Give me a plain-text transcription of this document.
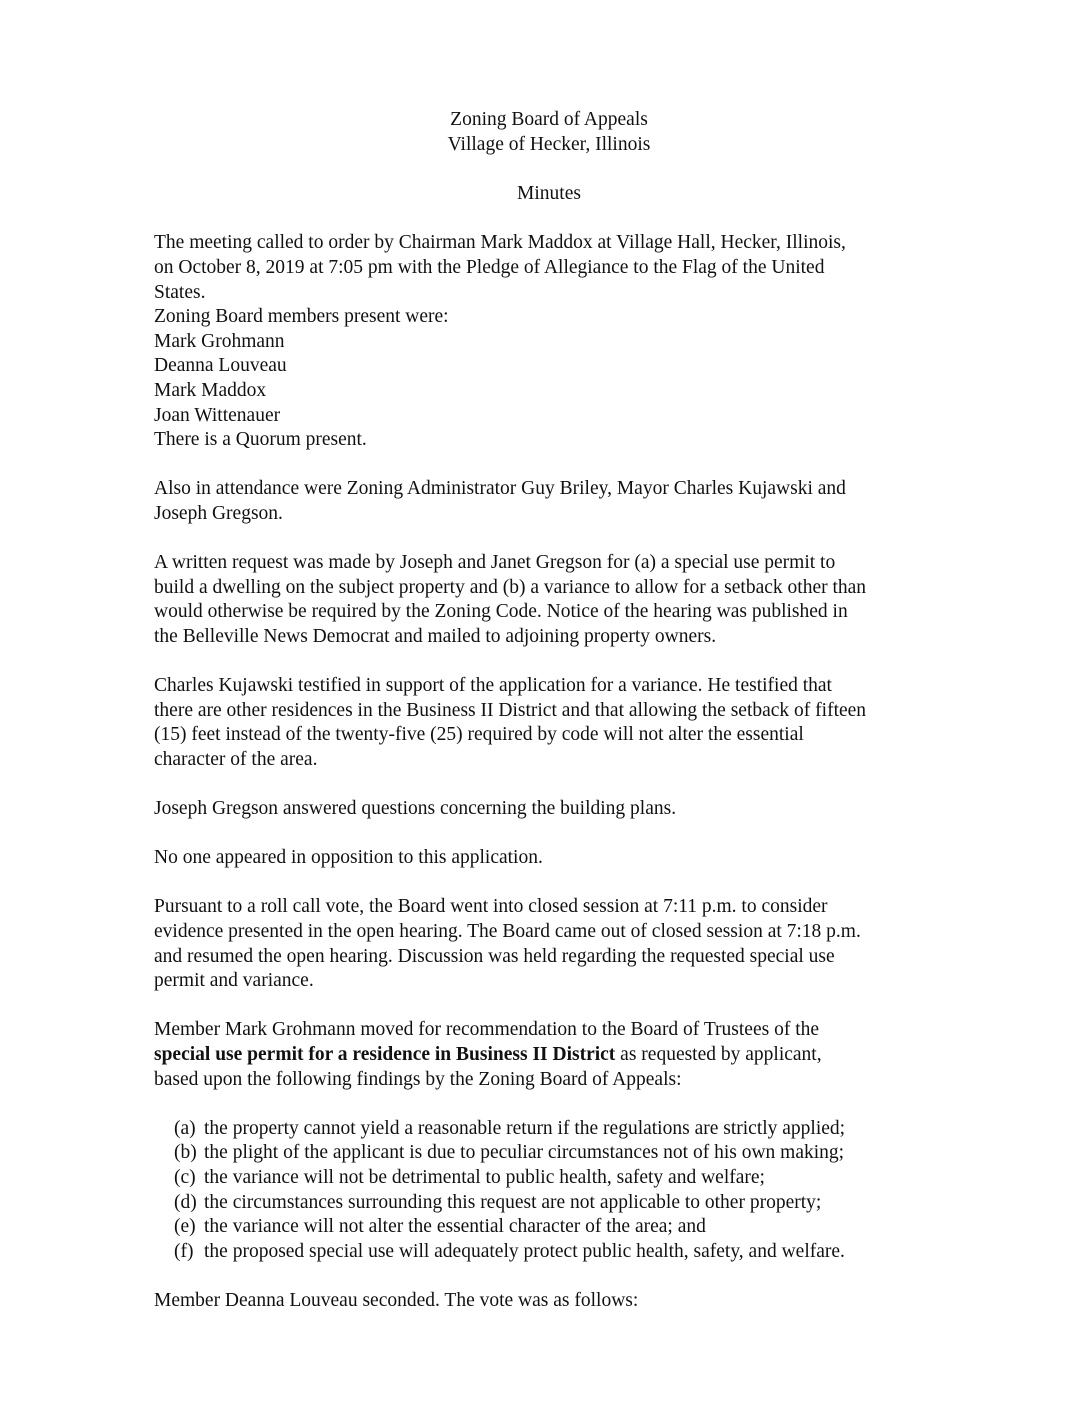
Zoning Board of Appeals
Village of Hecker, Illinois
Minutes

The meeting called to order by Chairman Mark Maddox at Village Hall, Hecker, Illinois,
on October 8, 2019 at 7:05 pm with the Pledge of Allegiance to the Flag of the United
States.
Zoning Board members present were:
Mark Grohmann
Deanna Louveau
Mark Maddox
Joan Wittenauer
There is a Quorum present.

Also in attendance were Zoning Administrator Guy Briley, Mayor Charles Kujawski and
Joseph Gregson.

A written request was made by Joseph and Janet Gregson for (a) a special use permit to
build a dwelling on the subject property and (b) a variance to allow for a setback other than
would otherwise be required by the Zoning Code. Notice of the hearing was published in
the Belleville News Democrat and mailed to adjoining property owners.

Charles Kujawski testified in support of the application for a variance. He testified that
there are other residences in the Business II District and that allowing the setback of fifteen
(15) feet instead of the twenty-five (25) required by code will not alter the essential
character of the area.

Joseph Gregson answered questions concerning the building plans.

No one appeared in opposition to this application.

Pursuant to a roll call vote, the Board went into closed session at 7:11 p.m. to consider
evidence presented in the open hearing. The Board came out of closed session at 7:18 p.m.
and resumed the open hearing. Discussion was held regarding the requested special use
permit and variance.

Member Mark Grohmann moved for recommendation to the Board of Trustees of the
special use permit for a residence in Business II District as requested by applicant,
based upon the following findings by the Zoning Board of Appeals:

(a) the property cannot yield a reasonable return if the regulations are strictly applied;
(b) the plight of the applicant is due to peculiar circumstances not of his own making;
(c) the variance will not be detrimental to public health, safety and welfare;
(d) the circumstances surrounding this request are not applicable to other property;
(e) the variance will not alter the essential character of the area; and
(f) the proposed special use will adequately protect public health, safety, and welfare.

Member Deanna Louveau seconded. The vote was as follows:
